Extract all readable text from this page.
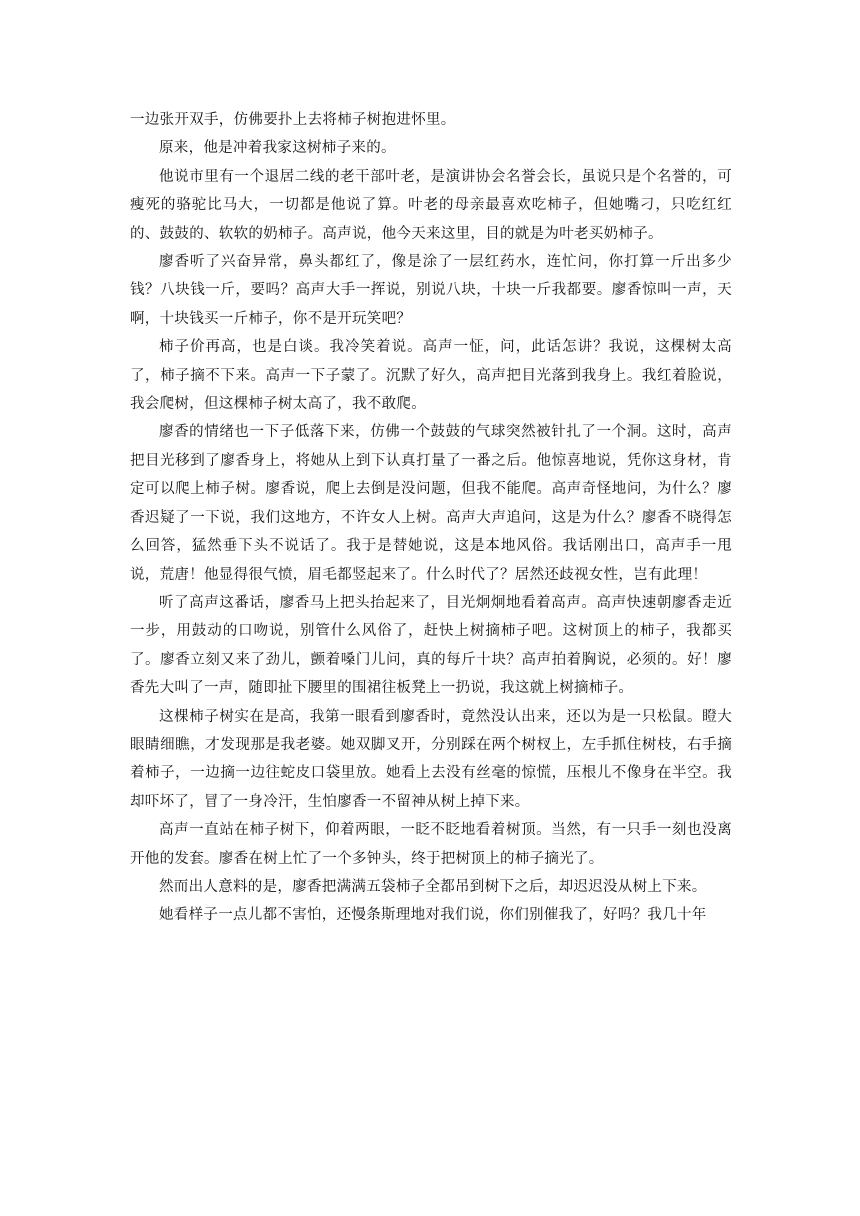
一边张开双手，仿佛要扑上去将柿子树抱进怀里。

原来，他是冲着我家这树柿子来的。

他说市里有一个退居二线的老干部叶老，是演讲协会名誉会长，虽说只是个名誉的，可瘦死的骆驼比马大，一切都是他说了算。叶老的母亲最喜欢吃柿子，但她嘴刁，只吃红红的、鼓鼓的、软软的奶柿子。高声说，他今天来这里，目的就是为叶老买奶柿子。

廖香听了兴奋异常，鼻头都红了，像是涂了一层红药水，连忙问，你打算一斤出多少钱？八块钱一斤，要吗？高声大手一挥说，别说八块，十块一斤我都要。廖香惊叫一声，天啊，十块钱买一斤柿子，你不是开玩笑吧？

柿子价再高，也是白谈。我冷笑着说。高声一怔，问，此话怎讲？我说，这棵树太高了，柿子摘不下来。高声一下子蒙了。沉默了好久，高声把目光落到我身上。我红着脸说，我会爬树，但这棵柿子树太高了，我不敢爬。

廖香的情绪也一下子低落下来，仿佛一个鼓鼓的气球突然被针扎了一个洞。这时，高声把目光移到了廖香身上，将她从上到下认真打量了一番之后。他惊喜地说，凭你这身材，肯定可以爬上柿子树。廖香说，爬上去倒是没问题，但我不能爬。高声奇怪地问，为什么？廖香迟疑了一下说，我们这地方，不许女人上树。高声大声追问，这是为什么？廖香不晓得怎么回答，猛然垂下头不说话了。我于是替她说，这是本地风俗。我话刚出口，高声手一甩说，荒唐！他显得很气愤，眉毛都竖起来了。什么时代了？居然还歧视女性，岂有此理！

听了高声这番话，廖香马上把头抬起来了，目光炯炯地看着高声。高声快速朝廖香走近一步，用鼓动的口吻说，别管什么风俗了，赶快上树摘柿子吧。这树顶上的柿子，我都买了。廖香立刻又来了劲儿，颤着嗓门儿问，真的每斤十块？高声拍着胸说，必须的。好！廖香先大叫了一声，随即扯下腰里的围裙往板凳上一扔说，我这就上树摘柿子。

这棵柿子树实在是高，我第一眼看到廖香时，竟然没认出来，还以为是一只松鼠。瞪大眼睛细瞧，才发现那是我老婆。她双脚叉开，分别踩在两个树杈上，左手抓住树枝，右手摘着柿子，一边摘一边往蛇皮口袋里放。她看上去没有丝毫的惊慌，压根儿不像身在半空。我却吓坏了，冒了一身冷汗，生怕廖香一不留神从树上掉下来。

高声一直站在柿子树下，仰着两眼，一眨不眨地看着树顶。当然，有一只手一刻也没离开他的发套。廖香在树上忙了一个多钟头，终于把树顶上的柿子摘光了。

然而出人意料的是，廖香把满满五袋柿子全都吊到树下之后，却迟迟没从树上下来。

她看样子一点儿都不害怕，还慢条斯理地对我们说，你们别催我了，好吗？我几十年
